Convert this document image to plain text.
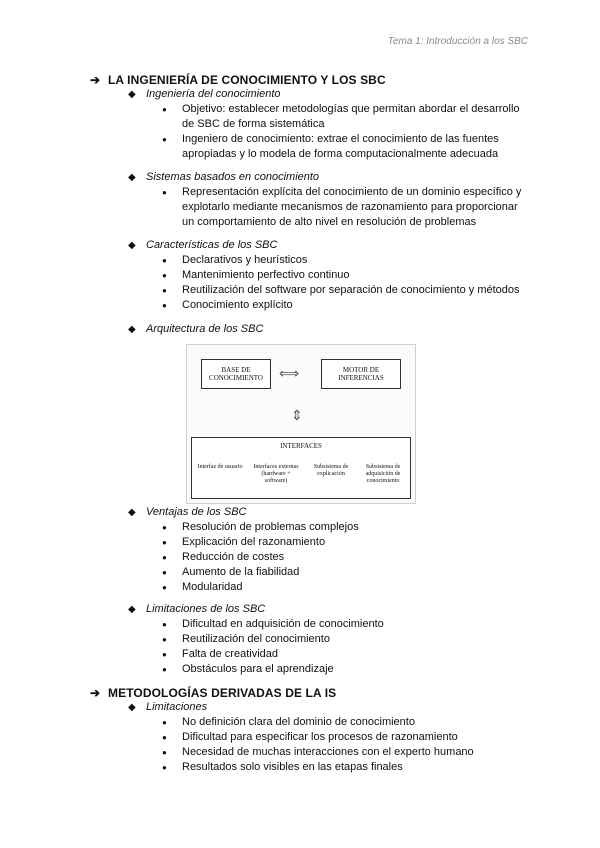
Tema 1: Introducción a los SBC
➔ LA INGENIERÍA DE CONOCIMIENTO Y LOS SBC
◆ Ingeniería del conocimiento
● Objetivo: establecer metodologías que permitan abordar el desarrollo de SBC de forma sistemática
● Ingeniero de conocimiento: extrae el conocimiento de las fuentes apropiadas y lo modela de forma computacionalmente adecuada
◆ Sistemas basados en conocimiento
● Representación explícita del conocimiento de un dominio específico y explotarlo mediante mecanismos de razonamiento para proporcionar un comportamiento de alto nivel en resolución de problemas
◆ Características de los SBC
● Declarativos y heurísticos
● Mantenimiento perfectivo continuo
● Reutilización del software por separación de conocimiento y métodos
● Conocimiento explícito
◆ Arquitectura de los SBC
BASE DE CONOCIMIENTO	⟺	MOTOR DE INFERENCIAS
⇕
INTERFACES
Interfaz de usuario	Interfaces externas (hardware + software)
Subsistema de explicación
Subsistema de adquisición de conocimiento
◆ Ventajas de los SBC
● Resolución de problemas complejos
● Explicación del razonamiento
● Reducción de costes
● Aumento de la fiabilidad
● Modularidad
◆ Limitaciones de los SBC
● Dificultad en adquisición de conocimiento
● Reutilización del conocimiento
● Falta de creatividad
● Obstáculos para el aprendizaje
➔ METODOLOGÍAS DERIVADAS DE LA IS
◆ Limitaciones
● No definición clara del dominio de conocimiento
● Dificultad para especificar los procesos de razonamiento
● Necesidad de muchas interacciones con el experto humano
● Resultados solo visibles en las etapas finales
